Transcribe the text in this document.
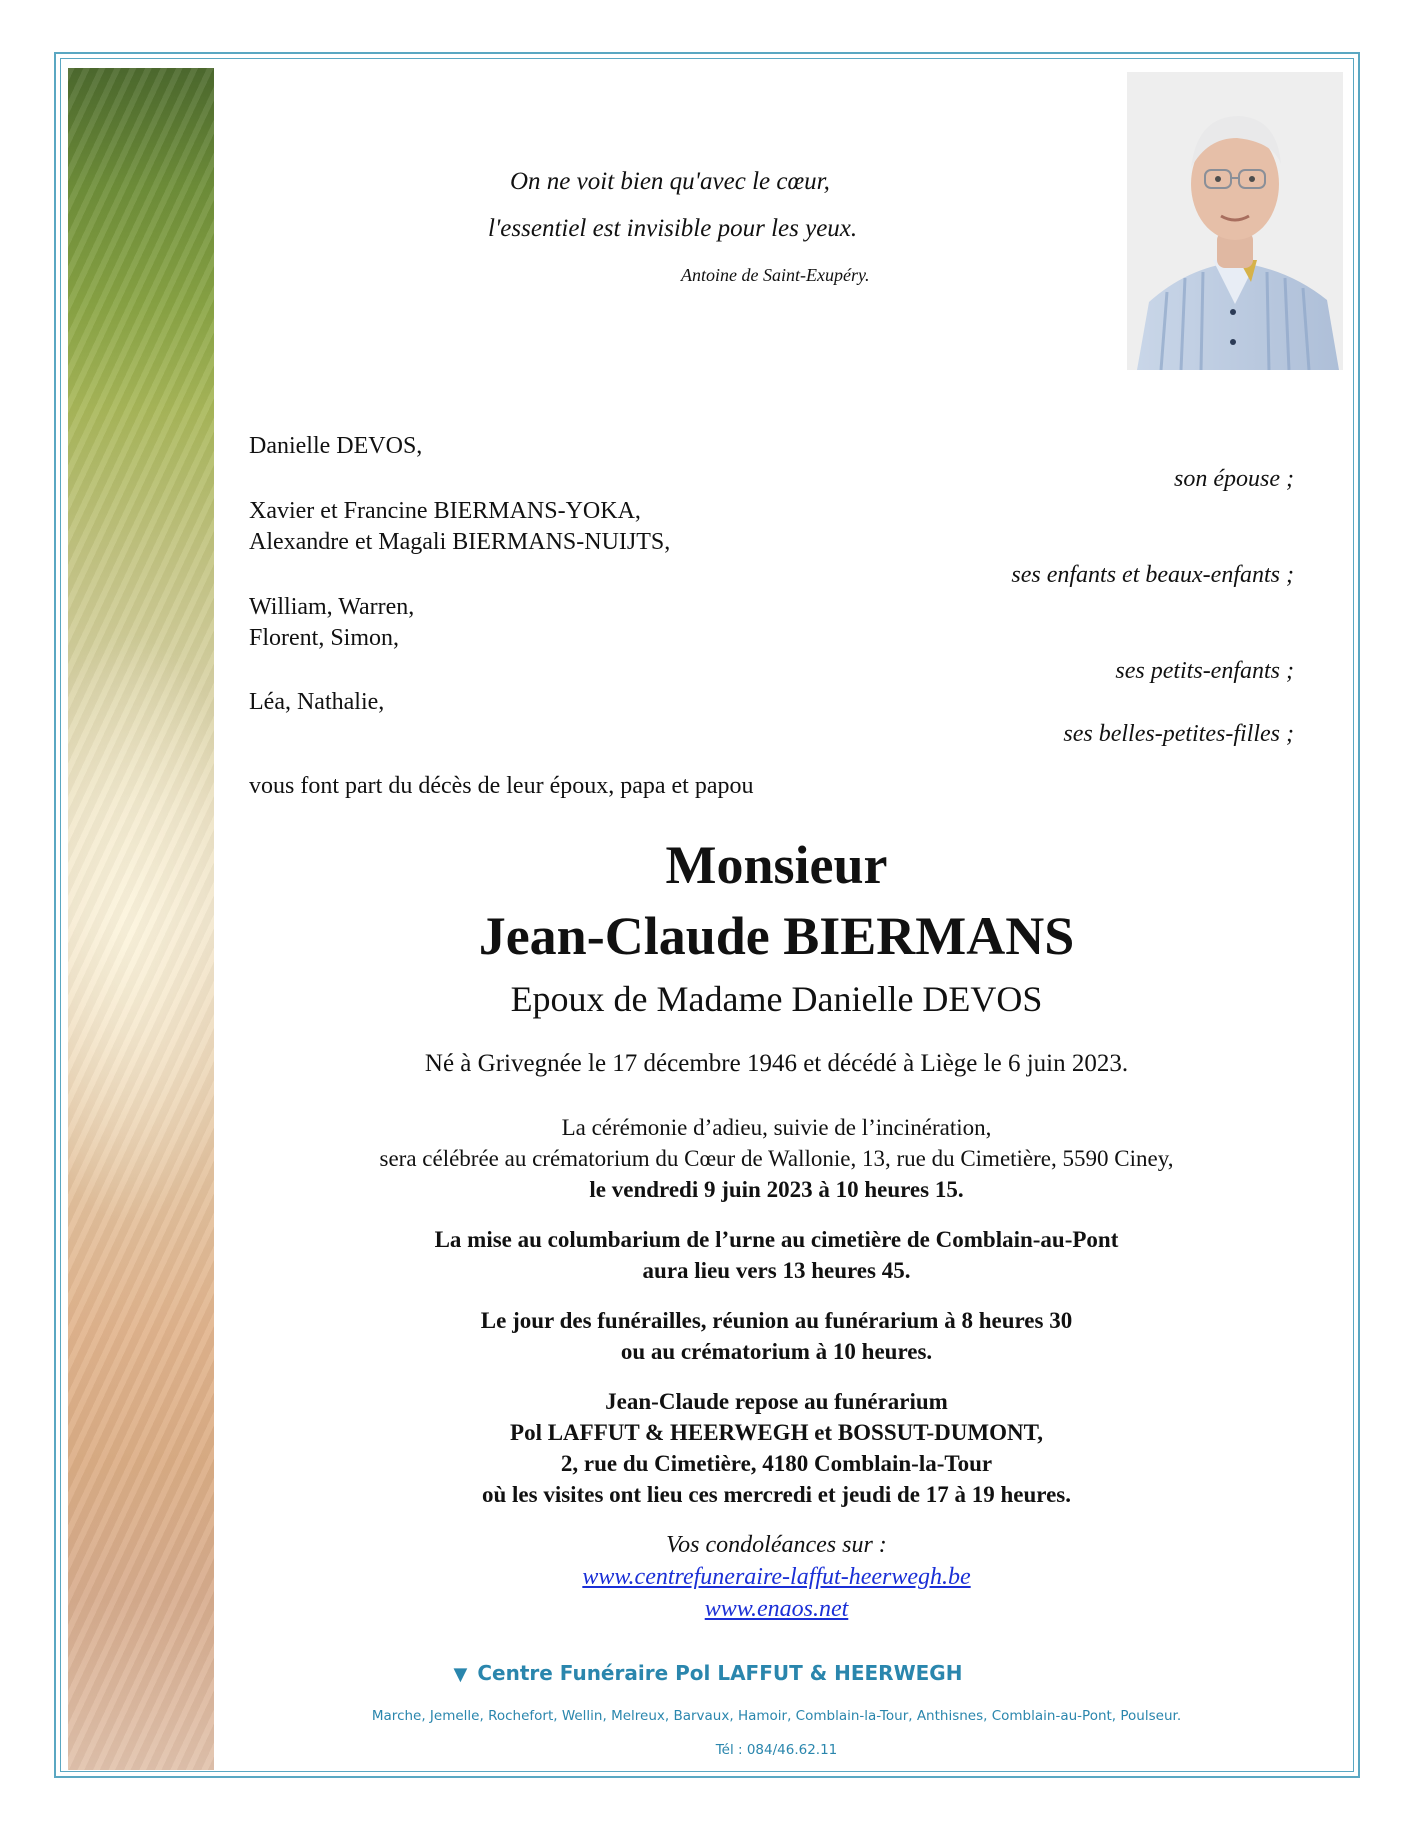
On ne voit bien qu'avec le cœur,
l'essentiel est invisible pour les yeux.
Antoine de Saint-Exupéry.
Danielle DEVOS,
son épouse ;
Xavier et Francine BIERMANS-YOKA,
Alexandre et Magali BIERMANS-NUIJTS,
ses enfants et beaux-enfants ;
William, Warren,
Florent, Simon,
ses petits-enfants ;
Léa, Nathalie,
ses belles-petites-filles ;
vous font part du décès de leur époux, papa et papou
Monsieur
Jean-Claude BIERMANS
Epoux de Madame Danielle DEVOS
Né à Grivegnée le 17 décembre 1946 et décédé à Liège le 6 juin 2023.
La cérémonie d’adieu, suivie de l’incinération,
sera célébrée au crématorium du Cœur de Wallonie, 13, rue du Cimetière, 5590 Ciney,
le vendredi 9 juin 2023 à 10 heures 15.
La mise au columbarium de l’urne au cimetière de Comblain-au-Pont
aura lieu vers 13 heures 45.
Le jour des funérailles, réunion au funérarium à 8 heures 30
ou au crématorium à 10 heures.
Jean-Claude repose au funérarium
Pol LAFFUT & HEERWEGH et BOSSUT-DUMONT,
2, rue du Cimetière, 4180 Comblain-la-Tour
où les visites ont lieu ces mercredi et jeudi de 17 à 19 heures.
Vos condoléances sur :
www.centrefuneraire-laffut-heerwegh.be
www.enaos.net
▼ Centre Funéraire Pol LAFFUT & HEERWEGH
Marche, Jemelle, Rochefort, Wellin, Melreux, Barvaux, Hamoir, Comblain-la-Tour, Anthisnes, Comblain-au-Pont, Poulseur.
Tél : 084/46.62.11
